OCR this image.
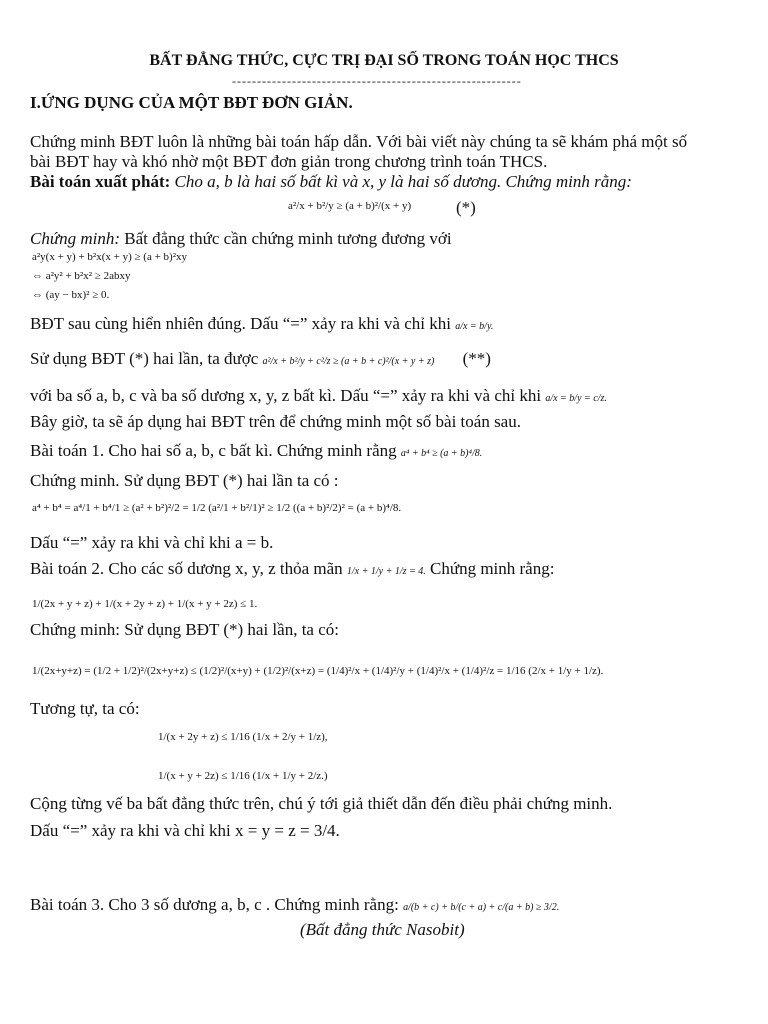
BẤT ĐẲNG THỨC, CỰC TRỊ ĐẠI SỐ TRONG TOÁN HỌC THCS
----------------------------------------------------------
I.ỨNG DỤNG CỦA MỘT BĐT ĐƠN GIẢN.
Chứng minh BĐT luôn là những bài toán hấp dẫn. Với bài viết này chúng ta sẽ khám phá một số
bài BĐT hay và khó nhờ một BĐT đơn giản trong chương trình toán THCS.
Bài toán xuất phát: Cho a, b là hai số bất kì và x, y là hai số dương. Chứng minh rằng:
a²/x + b²/y ≥ (a + b)²/(x + y)	(*)
Chứng minh: Bất đẳng thức cần chứng minh tương đương với
a²y(x + y) + b²x(x + y) ≥ (a + b)²xy
⇔ a²y² + b²x² ≥ 2abxy
⇔ (ay − bx)² ≥ 0.
BĐT sau cùng hiển nhiên đúng. Dấu “=” xảy ra khi và chỉ khi a/x = b/y.
Sử dụng BĐT (*) hai lần, ta được a²/x + b²/y + c²/z ≥ (a + b + c)²/(x + y + z) (**)
với ba số a, b, c và ba số dương x, y, z bất kì. Dấu “=” xảy ra khi và chỉ khi a/x = b/y = c/z.
Bây giờ, ta sẽ áp dụng hai BĐT trên để chứng minh một số bài toán sau.
Bài toán 1. Cho hai số a, b, c bất kì. Chứng minh rằng a⁴ + b⁴ ≥ (a + b)⁴/8.
Chứng minh. Sử dụng BĐT (*) hai lần ta có :
a⁴ + b⁴ = a⁴/1 + b⁴/1 ≥ (a² + b²)²/2 = 1/2 (a²/1 + b²/1)² ≥ 1/2 ((a + b)²/2)² = (a + b)⁴/8.
Dấu “=” xảy ra khi và chỉ khi a = b.
Bài toán 2. Cho các số dương x, y, z thỏa mãn 1/x + 1/y + 1/z = 4. Chứng minh rằng:
1/(2x + y + z) + 1/(x + 2y + z) + 1/(x + y + 2z) ≤ 1.
Chứng minh: Sử dụng BĐT (*) hai lần, ta có:
1/(2x+y+z) = (1/2 + 1/2)²/(2x+y+z) ≤ (1/2)²/(x+y) + (1/2)²/(x+z) = (1/4)²/x + (1/4)²/y + (1/4)²/x + (1/4)²/z = 1/16 (2/x + 1/y + 1/z).
Tương tự, ta có:
1/(x + 2y + z) ≤ 1/16 (1/x + 2/y + 1/z),
1/(x + y + 2z) ≤ 1/16 (1/x + 1/y + 2/z.)
Cộng từng vế ba bất đẳng thức trên, chú ý tới giả thiết dẫn đến điều phải chứng minh.
Dấu “=” xảy ra khi và chỉ khi x = y = z = 3/4.
Bài toán 3. Cho 3 số dương a, b, c . Chứng minh rằng: a/(b + c) + b/(c + a) + c/(a + b) ≥ 3/2.
(Bất đẳng thức Nasobit)
